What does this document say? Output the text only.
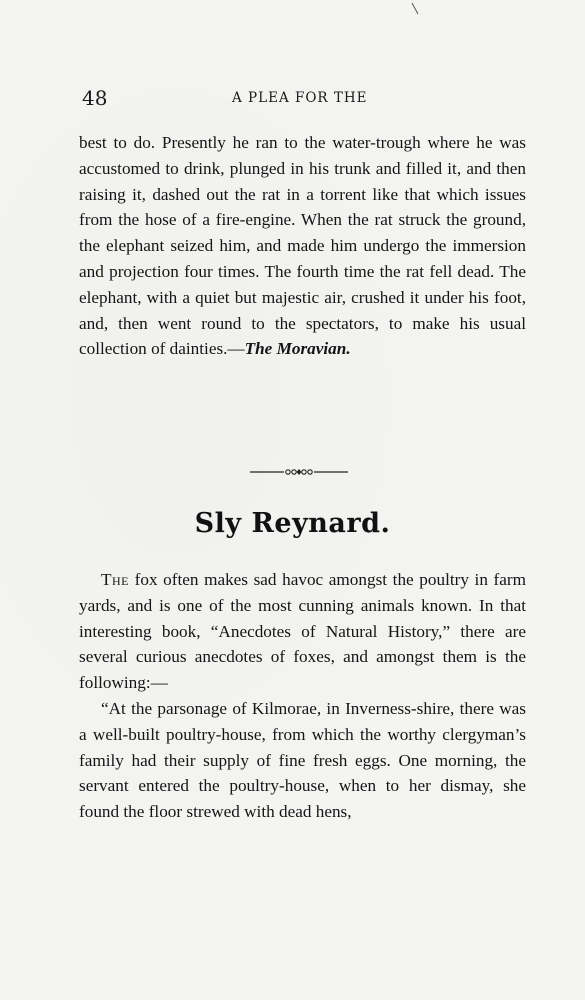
48	A PLEA FOR THE

best to do. Presently he ran to the water-trough where he was accustomed to drink, plunged in his trunk and filled it, and then raising it, dashed out the rat in a torrent like that which issues from the hose of a fire-engine. When the rat struck the ground, the elephant seized him, and made him undergo the immersion and projection four times. The fourth time the rat fell dead. The elephant, with a quiet but majestic air, crushed it under his foot, and, then went round to the spectators, to make his usual collection of dainties.—The Moravian.

Sly Reynard.

The fox often makes sad havoc amongst the poultry in farm yards, and is one of the most cunning animals known. In that interesting book, “Anecdotes of Natural History,” there are several curious anecdotes of foxes, and amongst them is the following:—

“At the parsonage of Kilmorae, in Inverness-shire, there was a well-built poultry-house, from which the worthy clergyman’s family had their supply of fine fresh eggs. One morning, the servant entered the poultry-house, when to her dismay, she found the floor strewed with dead hens,
